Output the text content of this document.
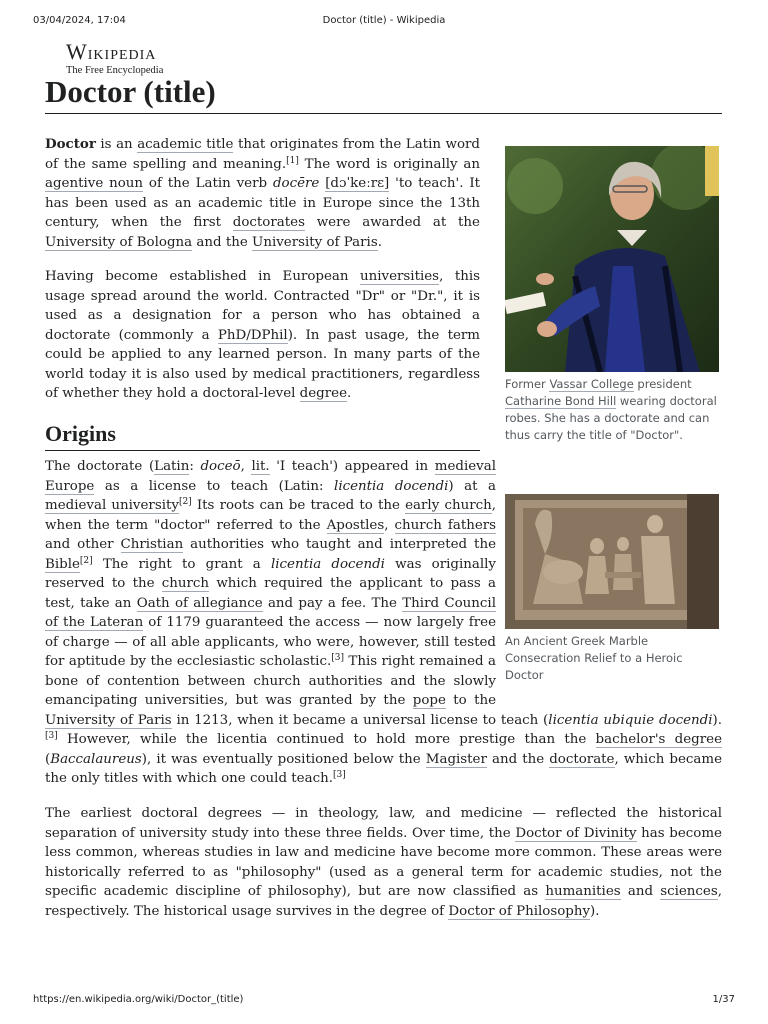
03/04/2024, 17:04	Doctor (title) - Wikipedia
Wikipedia
The Free Encyclopedia
Doctor (title)

Doctor is an academic title that originates from the Latin word of the same spelling and meaning.[1] The word is originally an agentive noun of the Latin verb docēre [dɔˈkeːrɛ] 'to teach'. It has been used as an academic title in Europe since the 13th century, when the first doctorates were awarded at the University of Bologna and the University of Paris.

Having become established in European universities, this usage spread around the world. Contracted "Dr" or "Dr.", it is used as a designation for a person who has obtained a doctorate (commonly a PhD/DPhil). In past usage, the term could be applied to any learned person. In many parts of the world today it is also used by medical practitioners, regardless of whether they hold a doctoral-level degree.

Origins
The doctorate (Latin: doceō, lit. 'I teach') appeared in medieval Europe as a license to teach (Latin: licentia docendi) at a medieval university[2] Its roots can be traced to the early church, when the term "doctor" referred to the Apostles, church fathers and other Christian authorities who taught and interpreted the Bible[2] The right to grant a licentia docendi was originally reserved to the church which required the applicant to pass a test, take an Oath of allegiance and pay a fee. The Third Council of the Lateran of 1179 guaranteed the access — now largely free of charge — of all able applicants, who were, however, still tested for aptitude by the ecclesiastic scholastic.[3] This right remained a bone of contention between church authorities and the slowly emancipating universities, but was granted by the pope to the University of Paris in 1213, when it became a universal license to teach (licentia ubiquie docendi).[3] However, while the licentia continued to hold more prestige than the bachelor's degree (Baccalaureus), it was eventually positioned below the Magister and the doctorate, which became the only titles with which one could teach.[3]

The earliest doctoral degrees — in theology, law, and medicine — reflected the historical separation of university study into these three fields. Over time, the Doctor of Divinity has become less common, whereas studies in law and medicine have become more common. These areas were historically referred to as "philosophy" (used as a general term for academic studies, not the specific academic discipline of philosophy), but are now classified as humanities and sciences, respectively. The historical usage survives in the degree of Doctor of Philosophy).

Former Vassar College president Catharine Bond Hill wearing doctoral robes. She has a doctorate and can thus carry the title of "Doctor".
An Ancient Greek Marble Consecration Relief to a Heroic Doctor
https://en.wikipedia.org/wiki/Doctor_(title)	1/37
